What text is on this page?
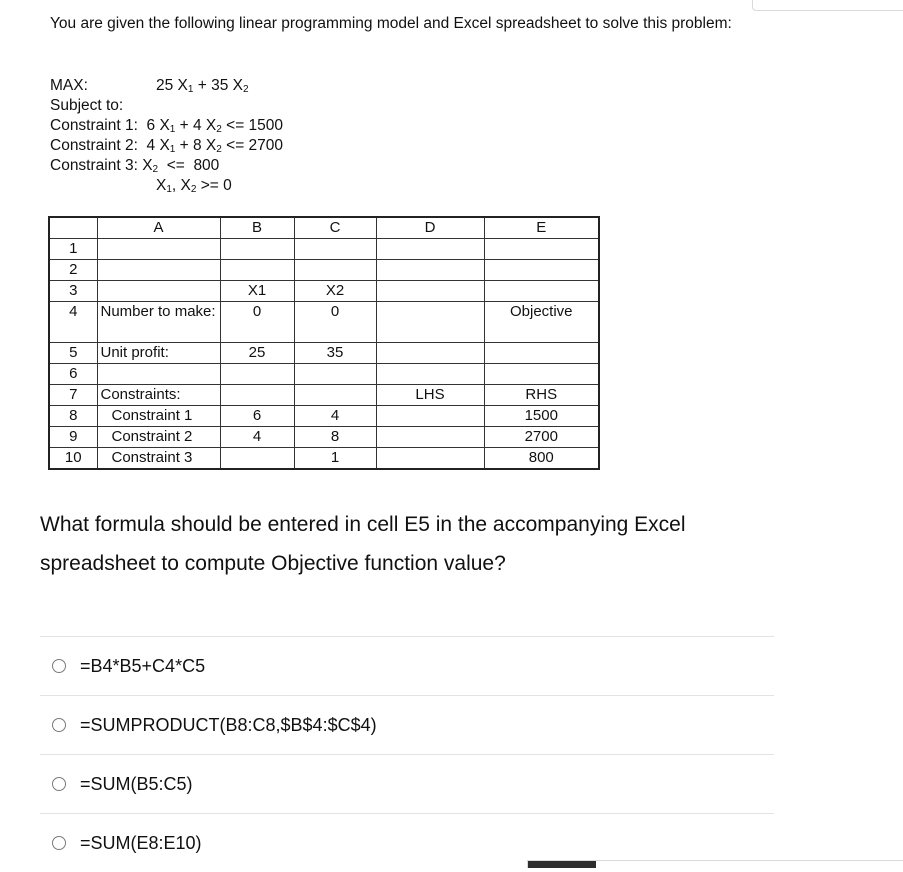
You are given the following linear programming model and Excel spreadsheet to solve this problem:
MAX:	25 $X_1 + 35$ $X_2$
Subject to:
Constraint 1: 6 $X_1 + 4$ $X_2 <= 1500$
Constraint 2: 4 $X_1 + 8$ $X_2 <= 2700$
Constraint 3: $X_2 <= 800$
$X_1$, $X_2 >= 0$
	A	B	C	D	E
1					
2					
3		X1	X2		
4	Number to make:	0	0		Objective
5	Unit profit:	25	35		
6					
7	Constraints:			LHS	RHS
8	Constraint 1	6	4		1500
9	Constraint 2	4	8		2700
10	Constraint 3		1		800
What formula should be entered in cell E5 in the accompanying Excel spreadsheet to compute Objective function value?
=B4*B5+C4*C5
=SUMPRODUCT(B8:C8,$B$4:$C$4)
=SUM(B5:C5)
=SUM(E8:E10)
